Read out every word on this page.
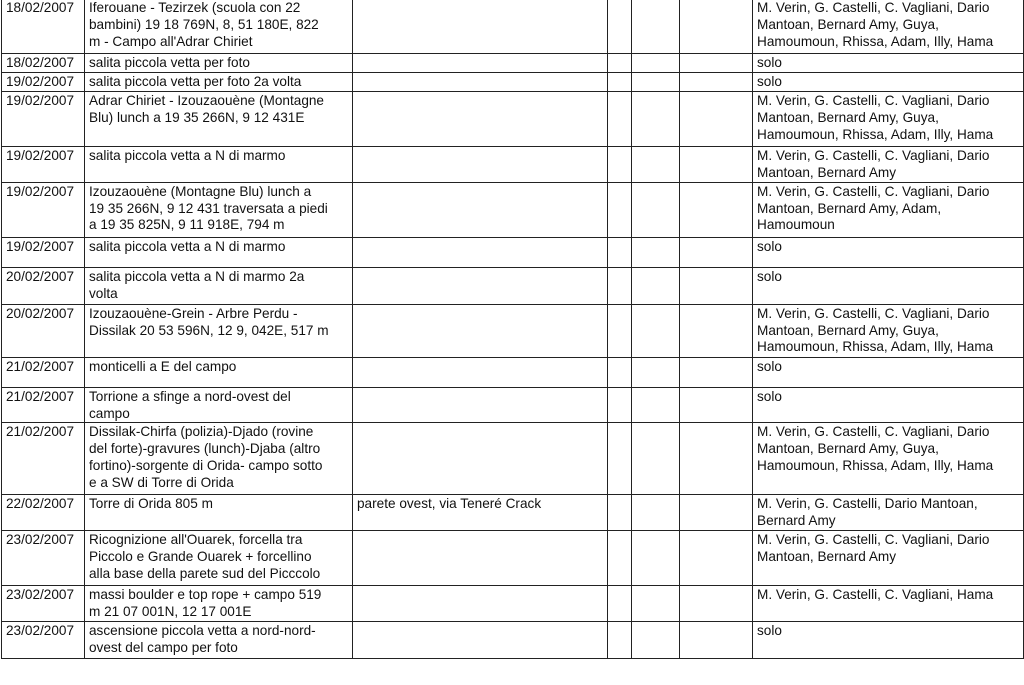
18/02/2007	Iferouane - Tezirzek (scuola con 22
bambini) 19 18 769N, 8, 51 180E, 822
m - Campo all'Adrar Chiriet					M. Verin, G. Castelli, C. Vagliani, Dario
Mantoan, Bernard Amy, Guya,
Hamoumoun, Rhissa, Adam, Illy, Hama
18/02/2007	salita piccola vetta per foto					solo
19/02/2007	salita piccola vetta per foto 2a volta					solo
19/02/2007	Adrar Chiriet - Izouzaouène (Montagne
Blu) lunch a 19 35 266N, 9 12 431E					M. Verin, G. Castelli, C. Vagliani, Dario
Mantoan, Bernard Amy, Guya,
Hamoumoun, Rhissa, Adam, Illy, Hama
19/02/2007	salita piccola vetta a N di marmo					M. Verin, G. Castelli, C. Vagliani, Dario
Mantoan, Bernard Amy
19/02/2007	Izouzaouène (Montagne Blu) lunch a
19 35 266N, 9 12 431 traversata a piedi
a 19 35 825N, 9 11 918E, 794 m					M. Verin, G. Castelli, C. Vagliani, Dario
Mantoan, Bernard Amy, Adam,
Hamoumoun
19/02/2007	salita piccola vetta a N di marmo					solo
20/02/2007	salita piccola vetta a N di marmo 2a
volta					solo
20/02/2007	Izouzaouène-Grein - Arbre Perdu -
Dissilak 20 53 596N, 12 9, 042E, 517 m					M. Verin, G. Castelli, C. Vagliani, Dario
Mantoan, Bernard Amy, Guya,
Hamoumoun, Rhissa, Adam, Illy, Hama
21/02/2007	monticelli a E del campo					solo
21/02/2007	Torrione a sfinge a nord-ovest del
campo					solo
21/02/2007	Dissilak-Chirfa (polizia)-Djado (rovine
del forte)-gravures (lunch)-Djaba (altro
fortino)-sorgente di Orida- campo sotto
e a SW di Torre di Orida					M. Verin, G. Castelli, C. Vagliani, Dario
Mantoan, Bernard Amy, Guya,
Hamoumoun, Rhissa, Adam, Illy, Hama
22/02/2007	Torre di Orida 805 m	parete ovest, via Teneré Crack				M. Verin, G. Castelli, Dario Mantoan,
Bernard Amy
23/02/2007	Ricognizione all'Ouarek, forcella tra
Piccolo e Grande Ouarek + forcellino
alla base della parete sud del Picccolo					M. Verin, G. Castelli, C. Vagliani, Dario
Mantoan, Bernard Amy
23/02/2007	massi boulder e top rope + campo 519
m 21 07 001N, 12 17 001E					M. Verin, G. Castelli, C. Vagliani, Hama
23/02/2007	ascensione piccola vetta a nord-nord-
ovest del campo per foto					solo
